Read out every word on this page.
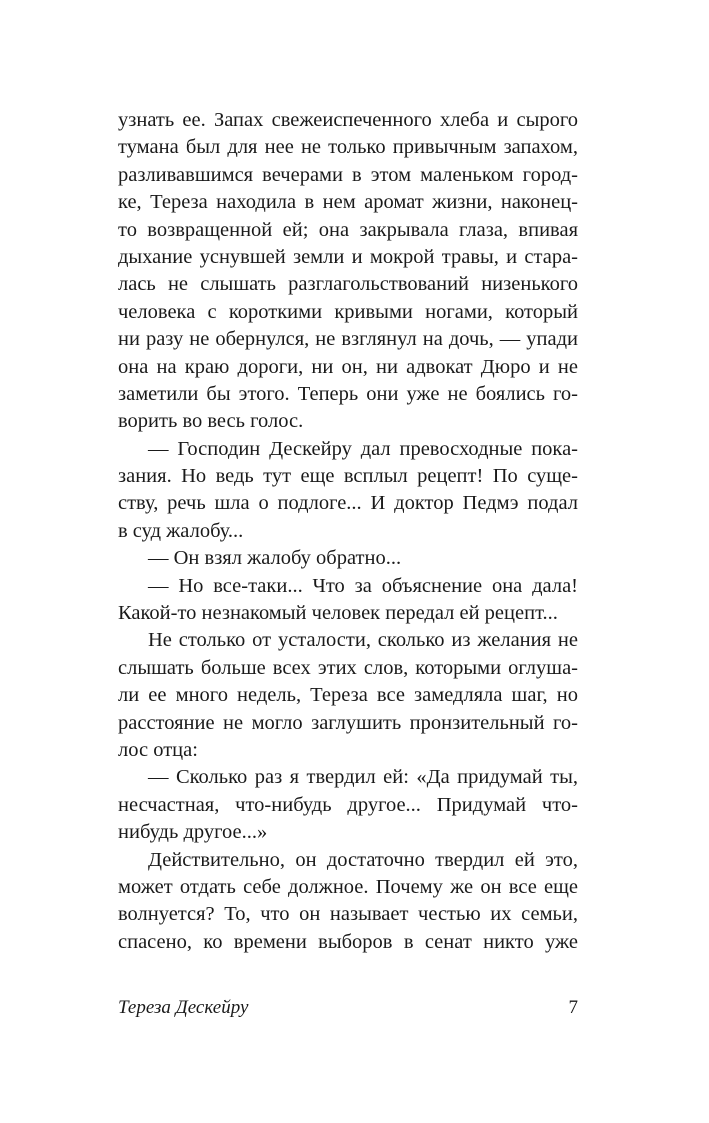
узнать ее. Запах свежеиспеченного хлеба и сырого
тумана был для нее не только привычным запахом,
разливавшимся вечерами в этом маленьком город-
ке, Тереза находила в нем аромат жизни, наконец-
то возвращенной ей; она закрывала глаза, впивая
дыхание уснувшей земли и мокрой травы, и стара-
лась не слышать разглагольствований низенького
человека с короткими кривыми ногами, который
ни разу не обернулся, не взглянул на дочь, — упади
она на краю дороги, ни он, ни адвокат Дюро и не
заметили бы этого. Теперь они уже не боялись го-
ворить во весь голос.
— Господин Дескейру дал превосходные пока-
зания. Но ведь тут еще всплыл рецепт! По суще-
ству, речь шла о подлоге... И доктор Педмэ подал
в суд жалобу...
— Он взял жалобу обратно...
— Но все-таки... Что за объяснение она дала!
Какой-то незнакомый человек передал ей рецепт...
Не столько от усталости, сколько из желания не
слышать больше всех этих слов, которыми оглуша-
ли ее много недель, Тереза все замедляла шаг, но
расстояние не могло заглушить пронзительный го-
лос отца:
— Сколько раз я твердил ей: «Да придумай ты,
несчастная, что-нибудь другое... Придумай что-
нибудь другое...»
Действительно, он достаточно твердил ей это,
может отдать себе должное. Почему же он все еще
волнуется? То, что он называет честью их семьи,
спасено, ко времени выборов в сенат никто уже
Тереза Дескейру	7
